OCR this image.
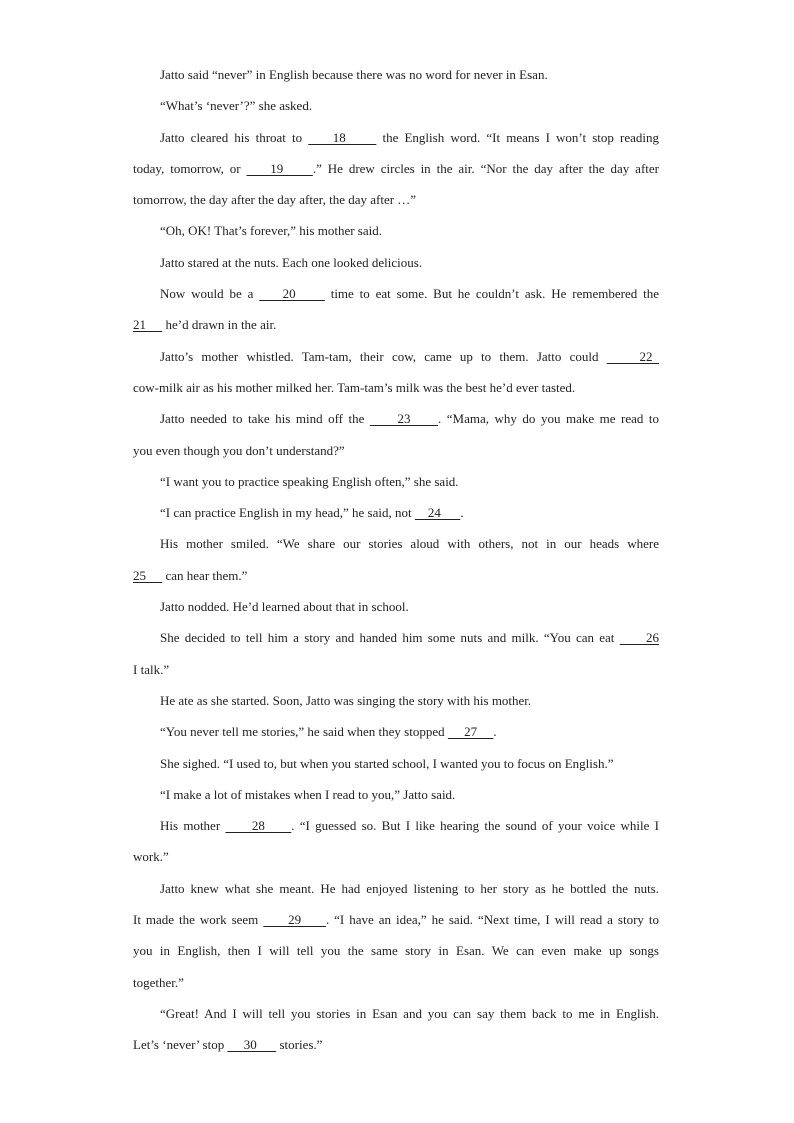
Jatto said “never” in English because there was no word for never in Esan.
“What’s ‘never’?” she asked.
Jatto cleared his throat to     18      the English word. “It means I won’t stop reading
today, tomorrow, or     19     .” He drew circles in the air. “Nor the day after the day after
tomorrow, the day after the day after, the day after …”
“Oh, OK! That’s forever,” his mother said.
Jatto stared at the nuts. Each one looked delicious.
Now would be a     20      time to eat some. But he couldn’t ask. He remembered the
21      he’d drawn in the air.
Jatto’s mother whistled. Tam-tam, their cow, came up to them. Jatto could     22
cow-milk air as his mother milked her. Tam-tam’s milk was the best he’d ever tasted.
Jatto needed to take his mind off the      23     . “Mama, why do you make me read to
you even though you don’t understand?”
“I want you to practice speaking English often,” she said.
“I can practice English in my head,” he said, not     24      .
His mother smiled. “We share our stories aloud with others, not in our heads where
25      can hear them.”
Jatto nodded. He’d learned about that in school.
She decided to tell him a story and handed him some nuts and milk. “You can eat      26
I talk.”
He ate as she started. Soon, Jatto was singing the story with his mother.
“You never tell me stories,” he said when they stopped      27     .
She sighed. “I used to, but when you started school, I wanted you to focus on English.”
“I make a lot of mistakes when I read to you,” Jatto said.
His mother      28     . “I guessed so. But I like hearing the sound of your voice while I
work.”
Jatto knew what she meant. He had enjoyed listening to her story as he bottled the nuts.
It made the work seem      29     . “I have an idea,” he said. “Next time, I will read a story to
you in English, then I will tell you the same story in Esan. We can even make up songs
together.”
“Great! And I will tell you stories in Esan and you can say them back to me in English.
Let’s ‘never’ stop      30       stories.”
